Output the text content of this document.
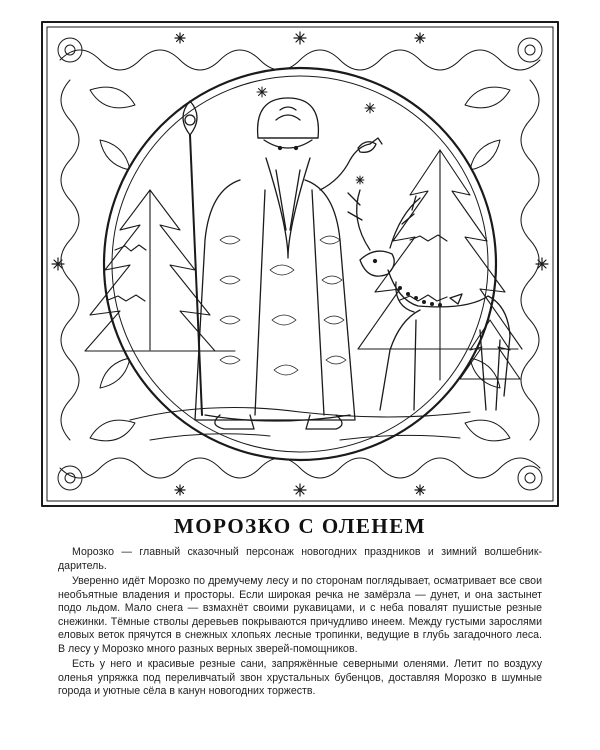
МОРОЗКО С ОЛЕНЕМ

Морозко — главный сказочный персонаж новогодних праздников и зимний волшебник-даритель.

Уверенно идёт Морозко по дремучему лесу и по сторонам поглядывает, осматривает все свои необъятные владения и просторы. Если широкая речка не замёрзла — дунет, и она застынет подо льдом. Мало снега — взмахнёт своими рукавицами, и с неба повалят пушистые резные снежинки. Тёмные стволы деревьев покрываются причудливо инеем. Между густыми зарослями еловых веток прячутся в снежных хлопьях лесные тропинки, ведущие в глубь загадочного леса. В лесу у Морозко много разных верных зверей-помощников.

Есть у него и красивые резные сани, запряжённые северными оленями. Летит по воздуху оленья упряжка под переливчатый звон хрустальных бубенцов, доставляя Морозко в шумные города и уютные сёла в канун новогодних торжеств.
